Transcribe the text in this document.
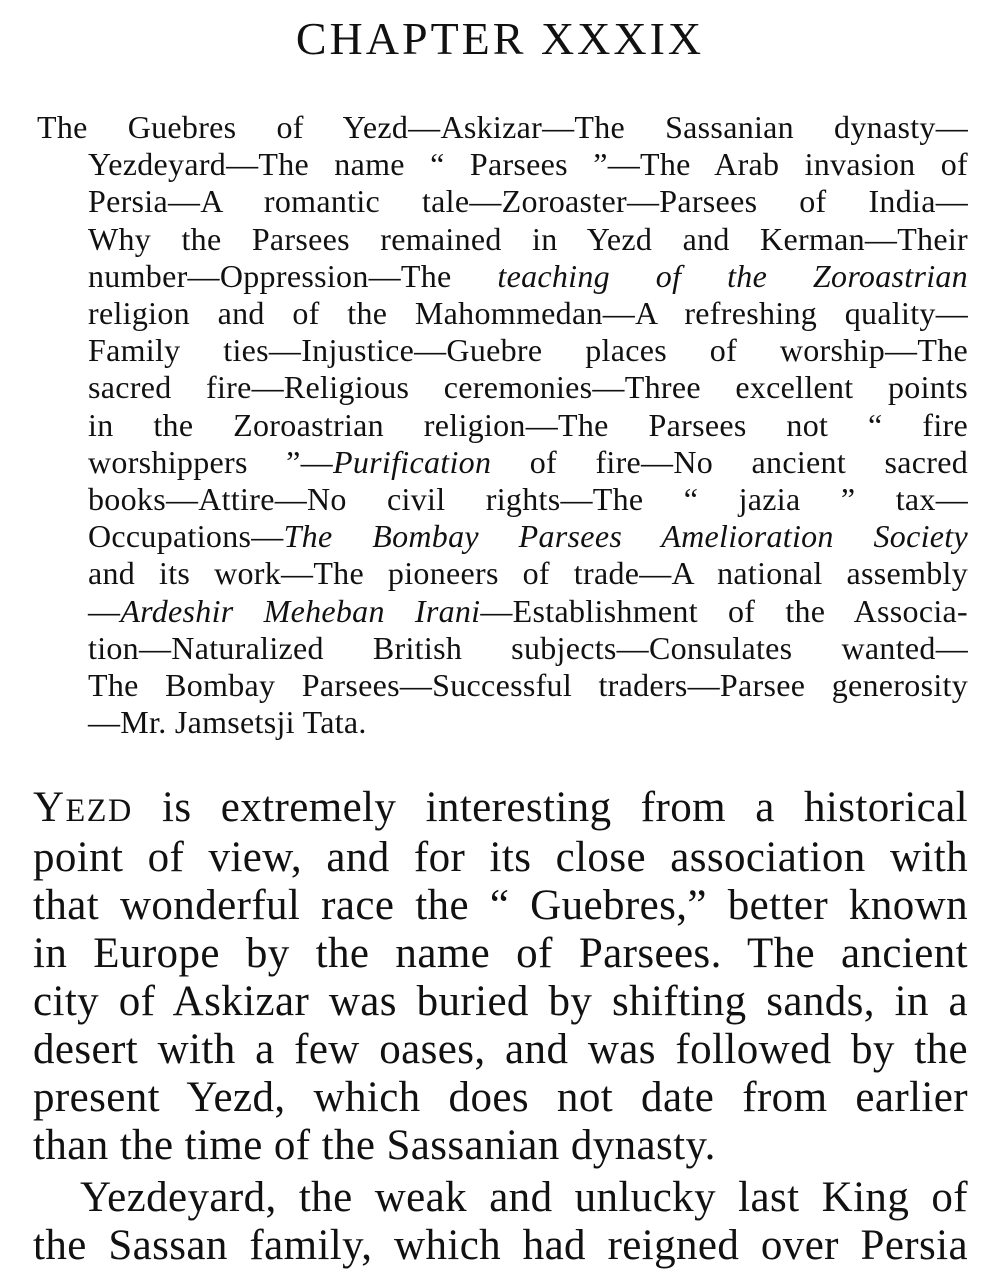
CHAPTER XXXIX
The Guebres of Yezd—Askizar—The Sassanian dynasty—
Yezdeyard—The name “ Parsees ”—The Arab invasion of
Persia—A romantic tale—Zoroaster—Parsees of India—
Why the Parsees remained in Yezd and Kerman—Their
number—Oppression—The teaching of the Zoroastrian
religion and of the Mahommedan—A refreshing quality—
Family ties—Injustice—Guebre places of worship—The
sacred fire—Religious ceremonies—Three excellent points
in the Zoroastrian religion—The Parsees not “ fire
worshippers ”—Purification of fire—No ancient sacred
books—Attire—No civil rights—The “ jazia ” tax—
Occupations—The Bombay Parsees Amelioration Society
and its work—The pioneers of trade—A national assembly
—Ardeshir Meheban Irani—Establishment of the Associa-
tion—Naturalized British subjects—Consulates wanted—
The Bombay Parsees—Successful traders—Parsee generosity
—Mr. Jamsetsji Tata.
YEZD is extremely interesting from a historical
point of view, and for its close association with
that wonderful race the “ Guebres,” better known
in Europe by the name of Parsees. The ancient
city of Askizar was buried by shifting sands, in a
desert with a few oases, and was followed by the
present Yezd, which does not date from earlier
than the time of the Sassanian dynasty.
Yezdeyard, the weak and unlucky last King of
the Sassan family, which had reigned over Persia
